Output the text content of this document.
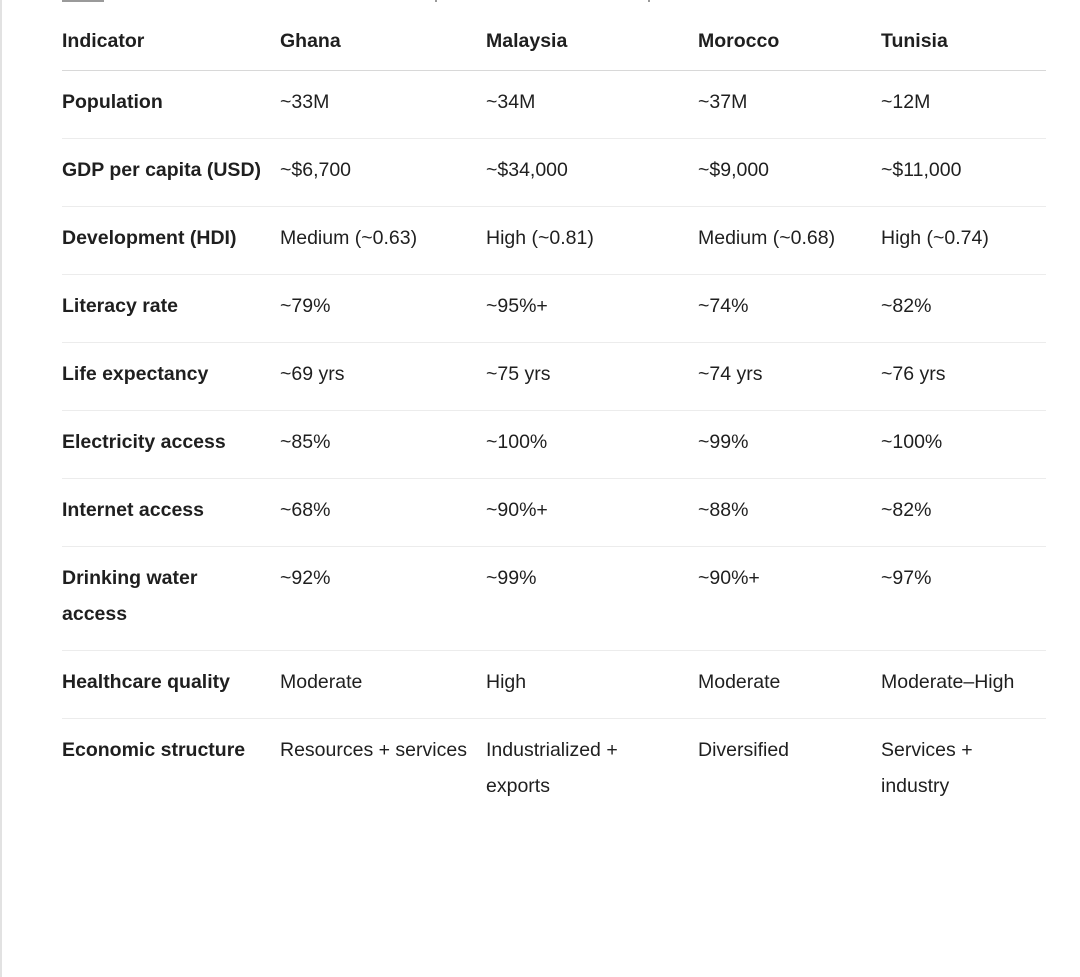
Indicator	Ghana	Malaysia	Morocco	Tunisia
Population	~33M	~34M	~37M	~12M
GDP per capita (USD)	~$6,700	~$34,000	~$9,000	~$11,000
Development (HDI)	Medium (~0.63)	High (~0.81)	Medium (~0.68)	High (~0.74)
Literacy rate	~79%	~95%+	~74%	~82%
Life expectancy	~69 yrs	~75 yrs	~74 yrs	~76 yrs
Electricity access	~85%	~100%	~99%	~100%
Internet access	~68%	~90%+	~88%	~82%
Drinking water access	~92%	~99%	~90%+	~97%
Healthcare quality	Moderate	High	Moderate	Moderate–High
Economic structure	Resources + services	Industrialized + exports	Diversified	Services + industry
